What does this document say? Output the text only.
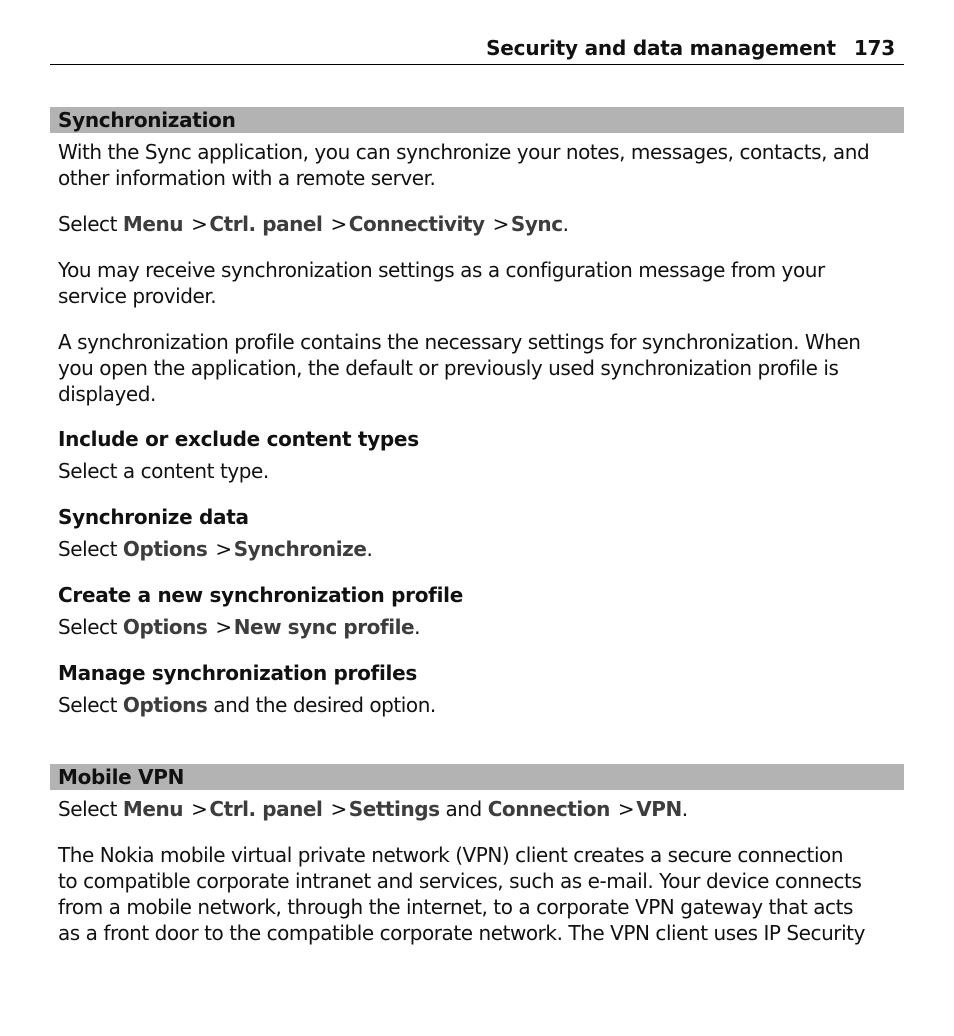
Security and data management 173
Synchronization
With the Sync application, you can synchronize your notes, messages, contacts, and
other information with a remote server.
Select Menu > Ctrl. panel > Connectivity > Sync.
You may receive synchronization settings as a configuration message from your
service provider.
A synchronization profile contains the necessary settings for synchronization. When
you open the application, the default or previously used synchronization profile is
displayed.
Include or exclude content types
Select a content type.
Synchronize data
Select Options > Synchronize.
Create a new synchronization profile
Select Options > New sync profile.
Manage synchronization profiles
Select Options and the desired option.
Mobile VPN
Select Menu > Ctrl. panel > Settings and Connection > VPN.
The Nokia mobile virtual private network (VPN) client creates a secure connection
to compatible corporate intranet and services, such as e-mail. Your device connects
from a mobile network, through the internet, to a corporate VPN gateway that acts
as a front door to the compatible corporate network. The VPN client uses IP Security
